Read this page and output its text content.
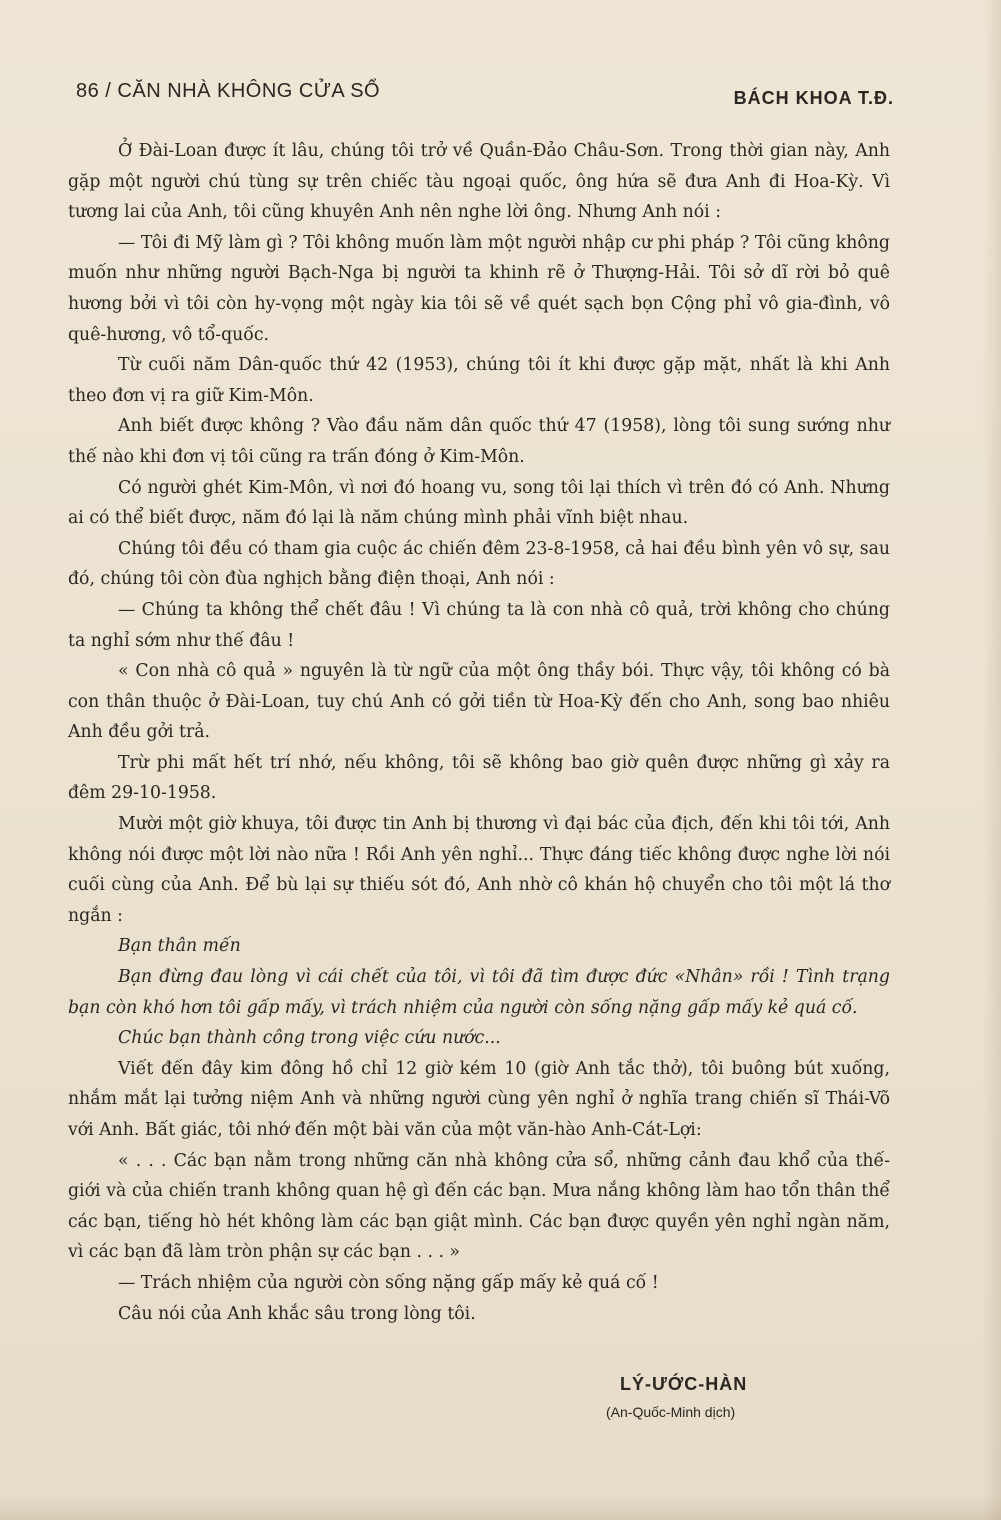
86 / CĂN NHÀ KHÔNG CỬA SỔ	BÁCH KHOA T.Đ.

Ở Đài-Loan được ít lâu, chúng tôi trở về Quần-Đảo Châu-Sơn. Trong thời gian này, Anh gặp một người chú tùng sự trên chiếc tàu ngoại quốc, ông hứa sẽ đưa Anh đi Hoa-Kỳ. Vì tương lai của Anh, tôi cũng khuyên Anh nên nghe lời ông. Nhưng Anh nói :

— Tôi đi Mỹ làm gì ? Tôi không muốn làm một người nhập cư phi pháp ? Tôi cũng không muốn như những người Bạch-Nga bị người ta khinh rẽ ở Thượng-Hải. Tôi sở dĩ rời bỏ quê hương bởi vì tôi còn hy-vọng một ngày kia tôi sẽ về quét sạch bọn Cộng phỉ vô gia-đình, vô quê-hương, vô tổ-quốc.

Từ cuối năm Dân-quốc thứ 42 (1953), chúng tôi ít khi được gặp mặt, nhất là khi Anh theo đơn vị ra giữ Kim-Môn.

Anh biết được không ? Vào đầu năm dân quốc thứ 47 (1958), lòng tôi sung sướng như thế nào khi đơn vị tôi cũng ra trấn đóng ở Kim-Môn.

Có người ghét Kim-Môn, vì nơi đó hoang vu, song tôi lại thích vì trên đó có Anh. Nhưng ai có thể biết được, năm đó lại là năm chúng mình phải vĩnh biệt nhau.

Chúng tôi đều có tham gia cuộc ác chiến đêm 23-8-1958, cả hai đều bình yên vô sự, sau đó, chúng tôi còn đùa nghịch bằng điện thoại, Anh nói :

— Chúng ta không thể chết đâu ! Vì chúng ta là con nhà cô quả, trời không cho chúng ta nghỉ sớm như thế đâu !

« Con nhà cô quả » nguyên là từ ngữ của một ông thầy bói. Thực vậy, tôi không có bà con thân thuộc ở Đài-Loan, tuy chú Anh có gởi tiền từ Hoa-Kỳ đến cho Anh, song bao nhiêu Anh đều gởi trả.

Trừ phi mất hết trí nhớ, nếu không, tôi sẽ không bao giờ quên được những gì xảy ra đêm 29-10-1958.

Mười một giờ khuya, tôi được tin Anh bị thương vì đại bác của địch, đến khi tôi tới, Anh không nói được một lời nào nữa ! Rồi Anh yên nghỉ... Thực đáng tiếc không được nghe lời nói cuối cùng của Anh. Để bù lại sự thiếu sót đó, Anh nhờ cô khán hộ chuyển cho tôi một lá thơ ngắn :

Bạn thân mến

Bạn đừng đau lòng vì cái chết của tôi, vì tôi đã tìm được đức «Nhân» rồi ! Tình trạng bạn còn khó hơn tôi gấp mấy, vì trách nhiệm của người còn sống nặng gấp mấy kẻ quá cố.

Chúc bạn thành công trong việc cứu nước...

Viết đến đây kim đông hồ chỉ 12 giờ kém 10 (giờ Anh tắc thở), tôi buông bút xuống, nhắm mắt lại tưởng niệm Anh và những người cùng yên nghỉ ở nghĩa trang chiến sĩ Thái-Võ với Anh. Bất giác, tôi nhớ đến một bài văn của một văn-hào Anh-Cát-Lợi:

« . . . Các bạn nằm trong những căn nhà không cửa sổ, những cảnh đau khổ của thế-giới và của chiến tranh không quan hệ gì đến các bạn. Mưa nắng không làm hao tổn thân thể các bạn, tiếng hò hét không làm các bạn giật mình. Các bạn được quyền yên nghỉ ngàn năm, vì các bạn đã làm tròn phận sự các bạn . . . »

— Trách nhiệm của người còn sống nặng gấp mấy kẻ quá cố !

Câu nói của Anh khắc sâu trong lòng tôi.

LÝ-ƯỚC-HÀN
(An-Quốc-Minh dịch)
